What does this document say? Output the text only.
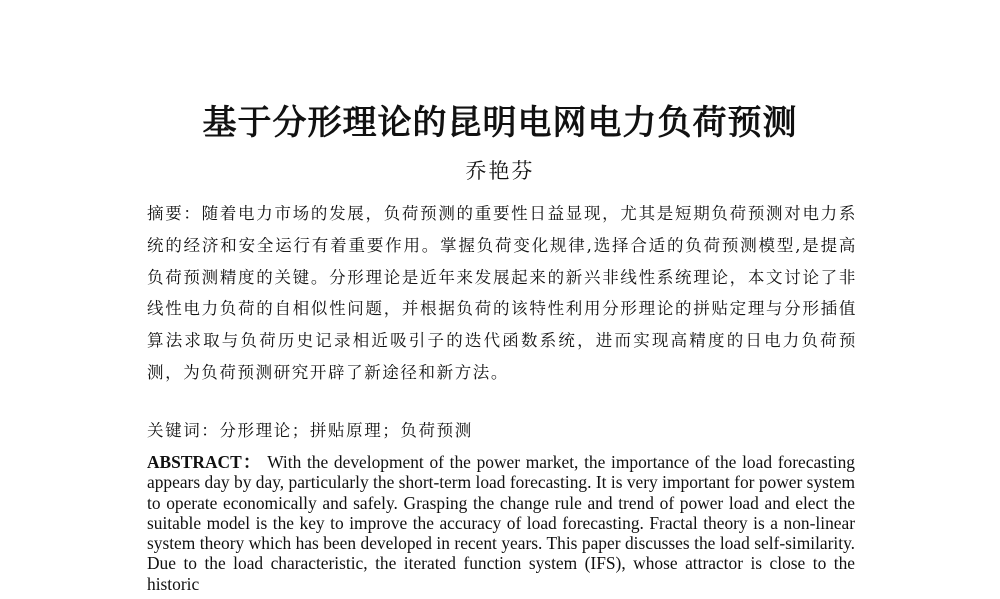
基于分形理论的昆明电网电力负荷预测
乔艳芬

摘要：随着电力市场的发展，负荷预测的重要性日益显现，尤其是短期负荷预测对电力系统的经济和安全运行有着重要作用。掌握负荷变化规律,选择合适的负荷预测模型,是提高负荷预测精度的关键。分形理论是近年来发展起来的新兴非线性系统理论，本文讨论了非线性电力负荷的自相似性问题，并根据负荷的该特性利用分形理论的拼贴定理与分形插值算法求取与负荷历史记录相近吸引子的迭代函数系统，进而实现高精度的日电力负荷预测，为负荷预测研究开辟了新途径和新方法。

关键词：分形理论；拼贴原理；负荷预测

ABSTRACT： With the development of the power market, the importance of the load forecasting appears day by day, particularly the short-term load forecasting. It is very important for power system to operate economically and safely. Grasping the change rule and trend of power load and elect the suitable model is the key to improve the accuracy of load forecasting. Fractal theory is a non-linear system theory which has been developed in recent years. This paper discusses the load self-similarity. Due to the load characteristic, the iterated function system (IFS), whose attractor is close to the historic
